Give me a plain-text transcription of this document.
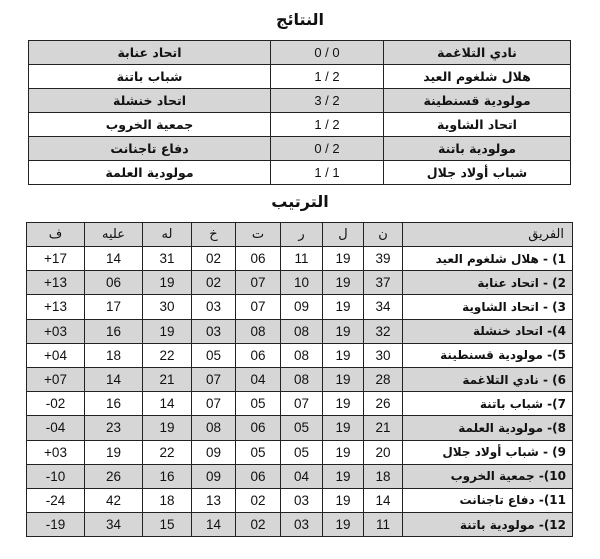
النتائج
اتحاد عنابة	0 / 0	نادي التلاغمة
شباب باتنة	1 / 2	هلال شلغوم العيد
اتحاد خنشلة	3 / 2	مولودية قسنطينة
جمعية الخروب	1 / 2	اتحاد الشاوية
دفاع تاجنانت	0 / 2	مولودية باتنة
مولودية العلمة	1 / 1	شباب أولاد جلال
الترتيب
ف	عليه	له	خ	ت	ر	ل	ن	الفريق
+17	14	31	02	06	11	19	39	1) - هلال شلغوم العيد
+13	06	19	02	07	10	19	37	2) - اتحاد عنابة
+13	17	30	03	07	09	19	34	3) - اتحاد الشاوية
+03	16	19	03	08	08	19	32	4)- اتحاد خنشلة
+04	18	22	05	06	08	19	30	5)- مولودية قسنطينة
+07	14	21	07	04	08	19	28	6) - نادي التلاغمة
-02	16	14	07	05	07	19	26	7)- شباب باتنة
-04	23	19	08	06	05	19	21	8)- مولودية العلمة
+03	19	22	09	05	05	19	20	9) - شباب أولاد جلال
-10	26	16	09	06	04	19	18	10)- جمعية الخروب
-24	42	18	13	02	03	19	14	11)- دفاع تاجنانت
-19	34	15	14	02	03	19	11	12)- مولودية باتنة
